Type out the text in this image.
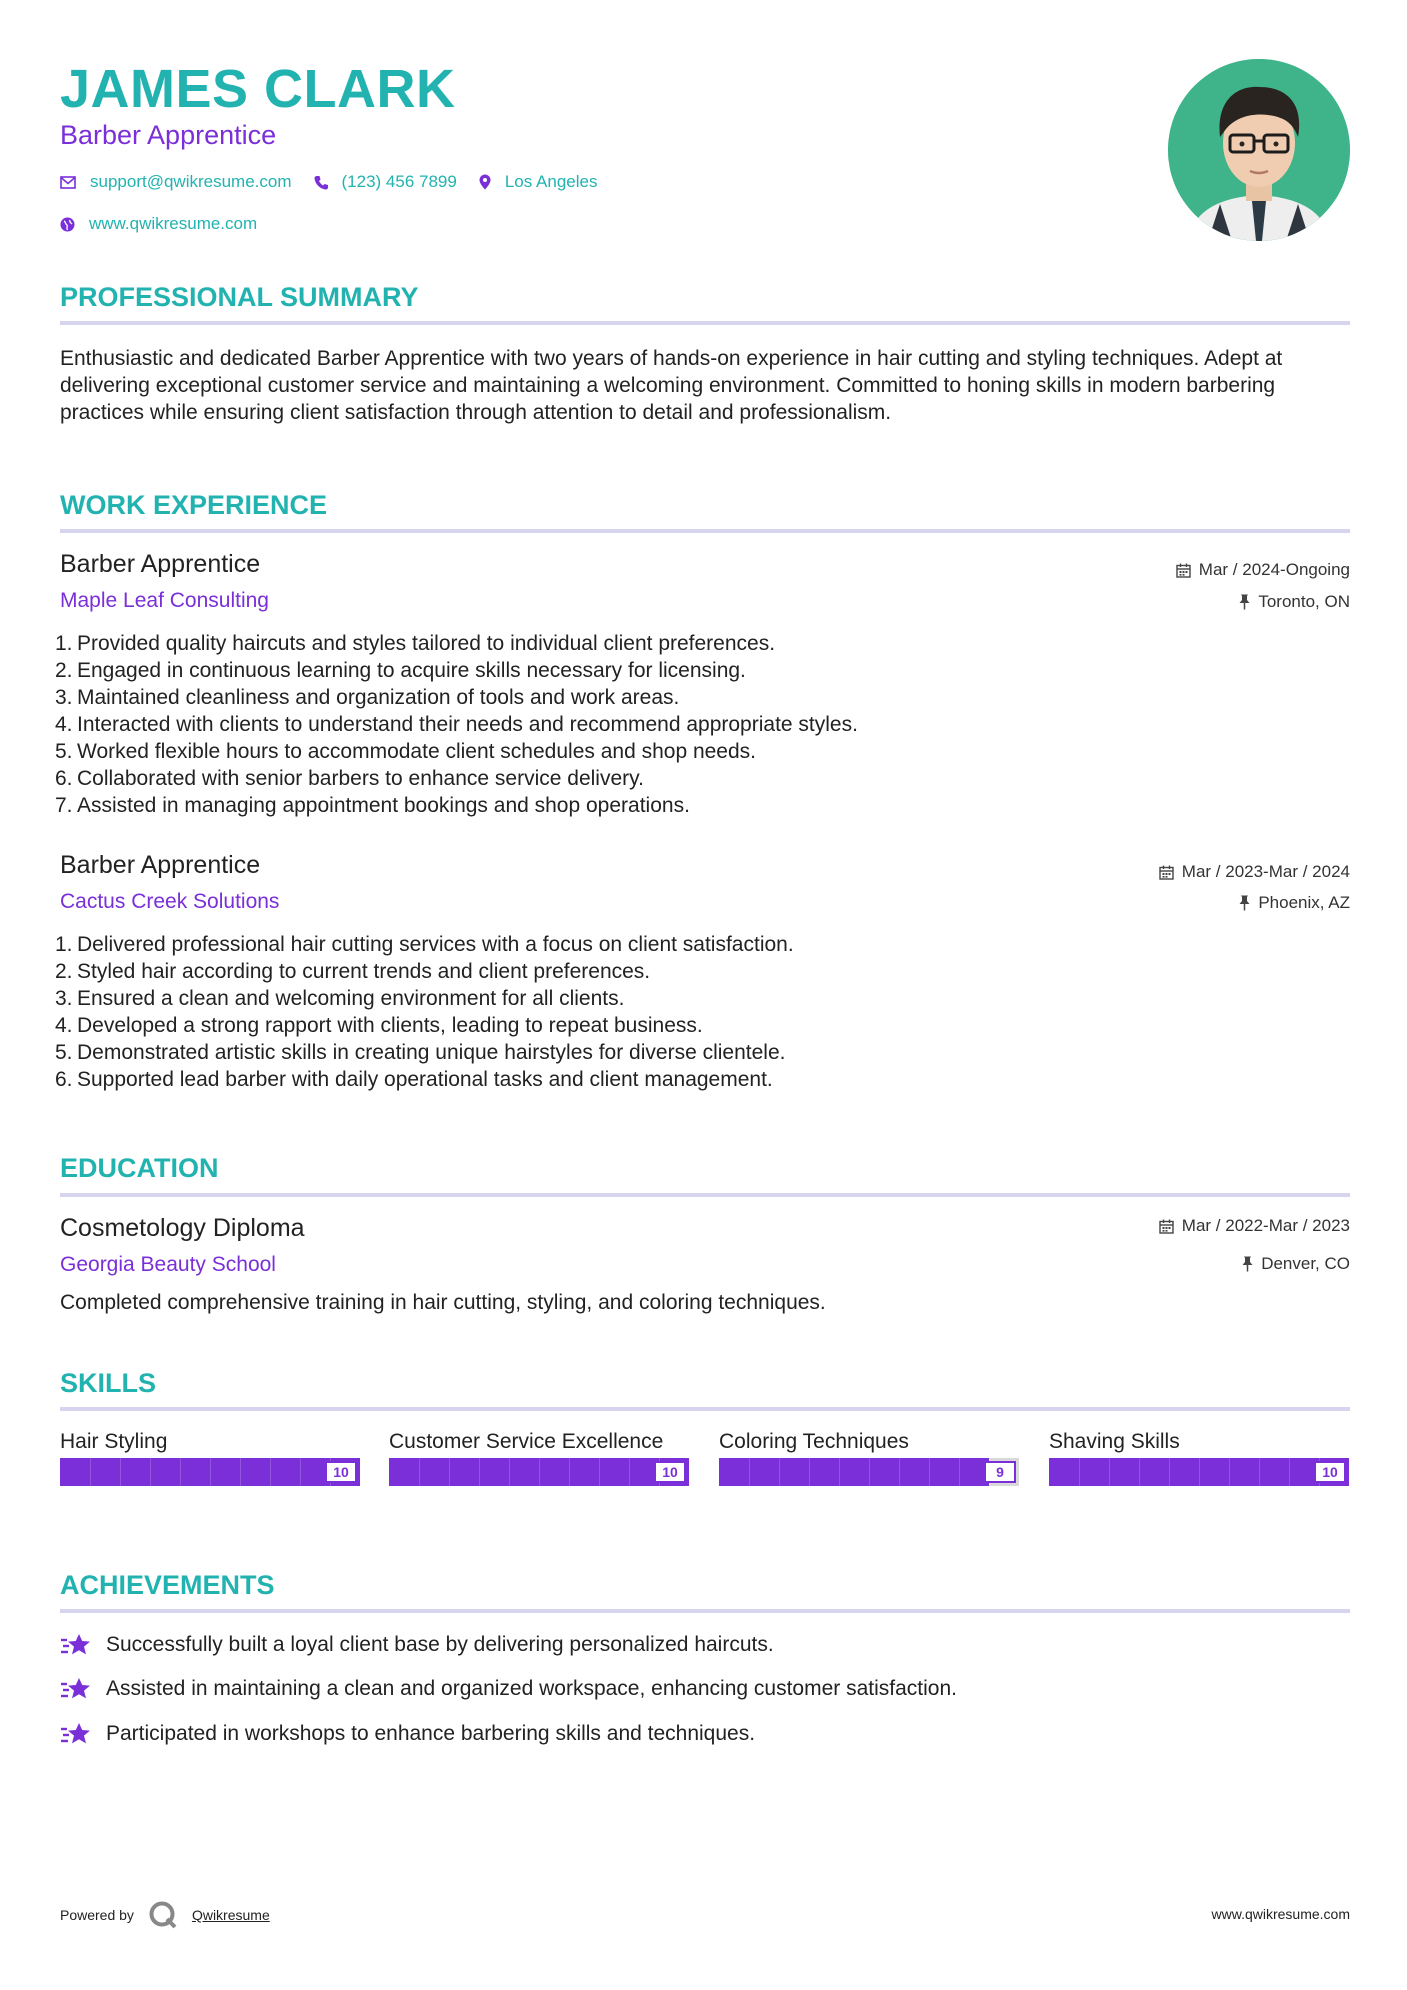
JAMES CLARK
Barber Apprentice
support@qwikresume.com	(123) 456 7899	Los Angeles
www.qwikresume.com
PROFESSIONAL SUMMARY

Enthusiastic and dedicated Barber Apprentice with two years of hands-on experience in hair cutting and styling techniques. Adept at delivering exceptional customer service and maintaining a welcoming environment. Committed to honing skills in modern barbering practices while ensuring client satisfaction through attention to detail and professionalism.

WORK EXPERIENCE
Barber Apprentice
Maple Leaf Consulting
Mar / 2024-Ongoing
Toronto, ON
1. Provided quality haircuts and styles tailored to individual client preferences.
2. Engaged in continuous learning to acquire skills necessary for licensing.
3. Maintained cleanliness and organization of tools and work areas.
4. Interacted with clients to understand their needs and recommend appropriate styles.
5. Worked flexible hours to accommodate client schedules and shop needs.
6. Collaborated with senior barbers to enhance service delivery.
7. Assisted in managing appointment bookings and shop operations.
Barber Apprentice
Cactus Creek Solutions
Mar / 2023-Mar / 2024
Phoenix, AZ
1. Delivered professional hair cutting services with a focus on client satisfaction.
2. Styled hair according to current trends and client preferences.
3. Ensured a clean and welcoming environment for all clients.
4. Developed a strong rapport with clients, leading to repeat business.
5. Demonstrated artistic skills in creating unique hairstyles for diverse clientele.
6. Supported lead barber with daily operational tasks and client management.
EDUCATION
Cosmetology Diploma
Georgia Beauty School
Mar / 2022-Mar / 2023
Denver, CO

Completed comprehensive training in hair cutting, styling, and coloring techniques.

SKILLS
Hair Styling
10
Customer Service Excellence
10
Coloring Techniques
9
Shaving Skills
10
ACHIEVEMENTS
Successfully built a loyal client base by delivering personalized haircuts.
Assisted in maintaining a clean and organized workspace, enhancing customer satisfaction.
Participated in workshops to enhance barbering skills and techniques.
Powered by	Qwikresume	www.qwikresume.com
